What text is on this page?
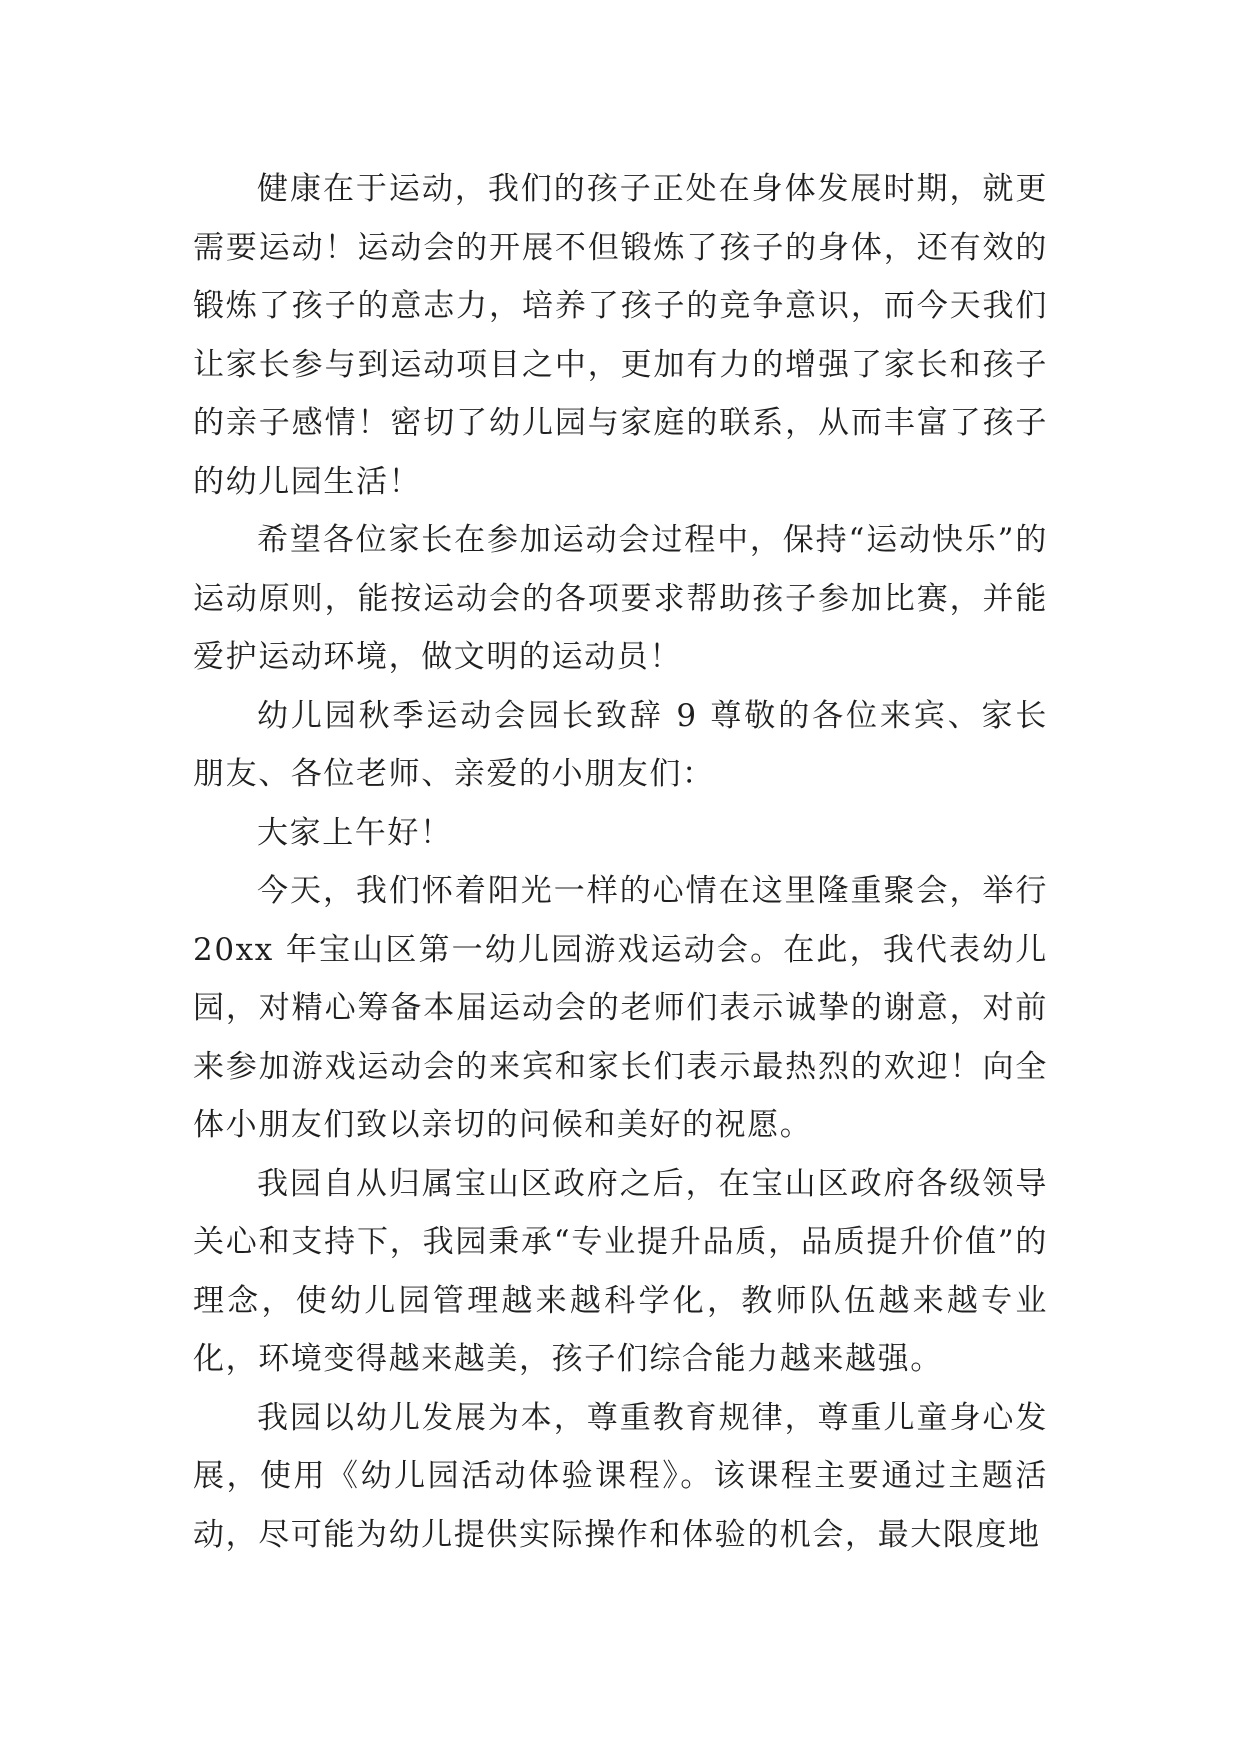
健康在于运动，我们的孩子正处在身体发展时期，就更需要运动！运动会的开展不但锻炼了孩子的身体，还有效的锻炼了孩子的意志力，培养了孩子的竞争意识，而今天我们让家长参与到运动项目之中，更加有力的增强了家长和孩子的亲子感情！密切了幼儿园与家庭的联系，从而丰富了孩子的幼儿园生活！

希望各位家长在参加运动会过程中，保持“运动快乐”的运动原则，能按运动会的各项要求帮助孩子参加比赛，并能爱护运动环境，做文明的运动员！

幼儿园秋季运动会园长致辞 9 尊敬的各位来宾、家长朋友、各位老师、亲爱的小朋友们：

大家上午好！

今天，我们怀着阳光一样的心情在这里隆重聚会，举行20xx 年宝山区第一幼儿园游戏运动会。在此，我代表幼儿园，对精心筹备本届运动会的老师们表示诚挚的谢意，对前来参加游戏运动会的来宾和家长们表示最热烈的欢迎！向全体小朋友们致以亲切的问候和美好的祝愿。

我园自从归属宝山区政府之后，在宝山区政府各级领导关心和支持下，我园秉承“专业提升品质，品质提升价值”的理念，使幼儿园管理越来越科学化，教师队伍越来越专业化，环境变得越来越美，孩子们综合能力越来越强。

我园以幼儿发展为本，尊重教育规律，尊重儿童身心发展，使用《幼儿园活动体验课程》。该课程主要通过主题活动，尽可能为幼儿提供实际操作和体验的机会，最大限度地
